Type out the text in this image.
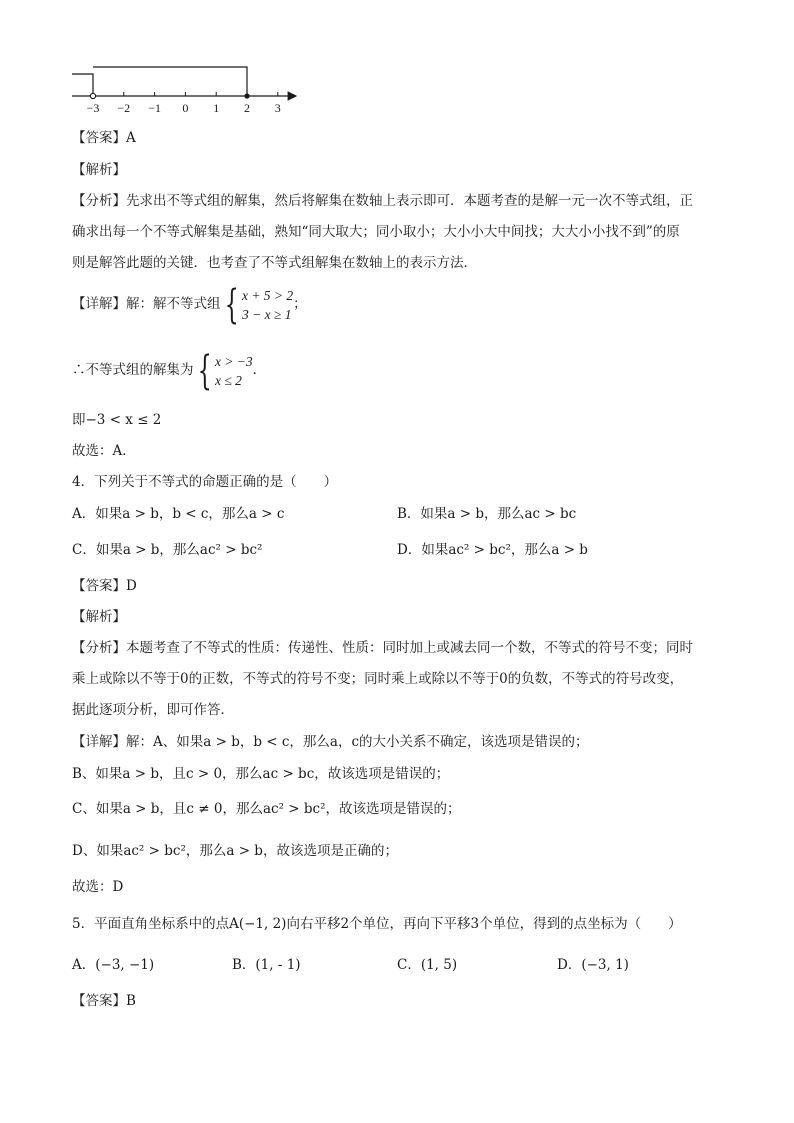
−3 −2 −1 0 1 2 3
【答案】A
【解析】
【分析】先求出不等式组的解集，然后将解集在数轴上表示即可．本题考查的是解一元一次不等式组，正
确求出每一个不等式解集是基础，熟知“同大取大；同小取小；大小小大中间找；大大小小找不到”的原
则是解答此题的关键．也考查了不等式组解集在数轴上的表示方法．
【详解】解：解不等式组{ x + 5 > 2
3 − x ≥ 1
；
∴不等式组的解集为{ x > −3
x ≤ 2
．
即−3 < x ≤ 2
故选：A．
4．下列关于不等式的命题正确的是（　　）
A．如果a > b，b < c，那么a > c	B．如果a > b，那么ac > bc
C．如果a > b，那么ac² > bc²	D．如果ac² > bc²，那么a > b
【答案】D
【解析】
【分析】本题考查了不等式的性质：传递性、性质：同时加上或减去同一个数，不等式的符号不变；同时
乘上或除以不等于0的正数，不等式的符号不变；同时乘上或除以不等于0的负数，不等式的符号改变，
据此逐项分析，即可作答．
【详解】解：A、如果a > b，b < c，那么a，c的大小关系不确定，该选项是错误的；
B、如果a > b，且c > 0，那么ac > bc，故该选项是错误的；
C、如果a > b，且c ≠ 0，那么ac² > bc²，故该选项是错误的；
D、如果ac² > bc²，那么a > b，故该选项是正确的；
故选：D
5．平面直角坐标系中的点A(−1, 2)向右平移2个单位，再向下平移3个单位，得到的点坐标为（　　）
A．(−3, −1)	B．(1, - 1)	C．(1, 5)	D．(−3, 1)
【答案】B
